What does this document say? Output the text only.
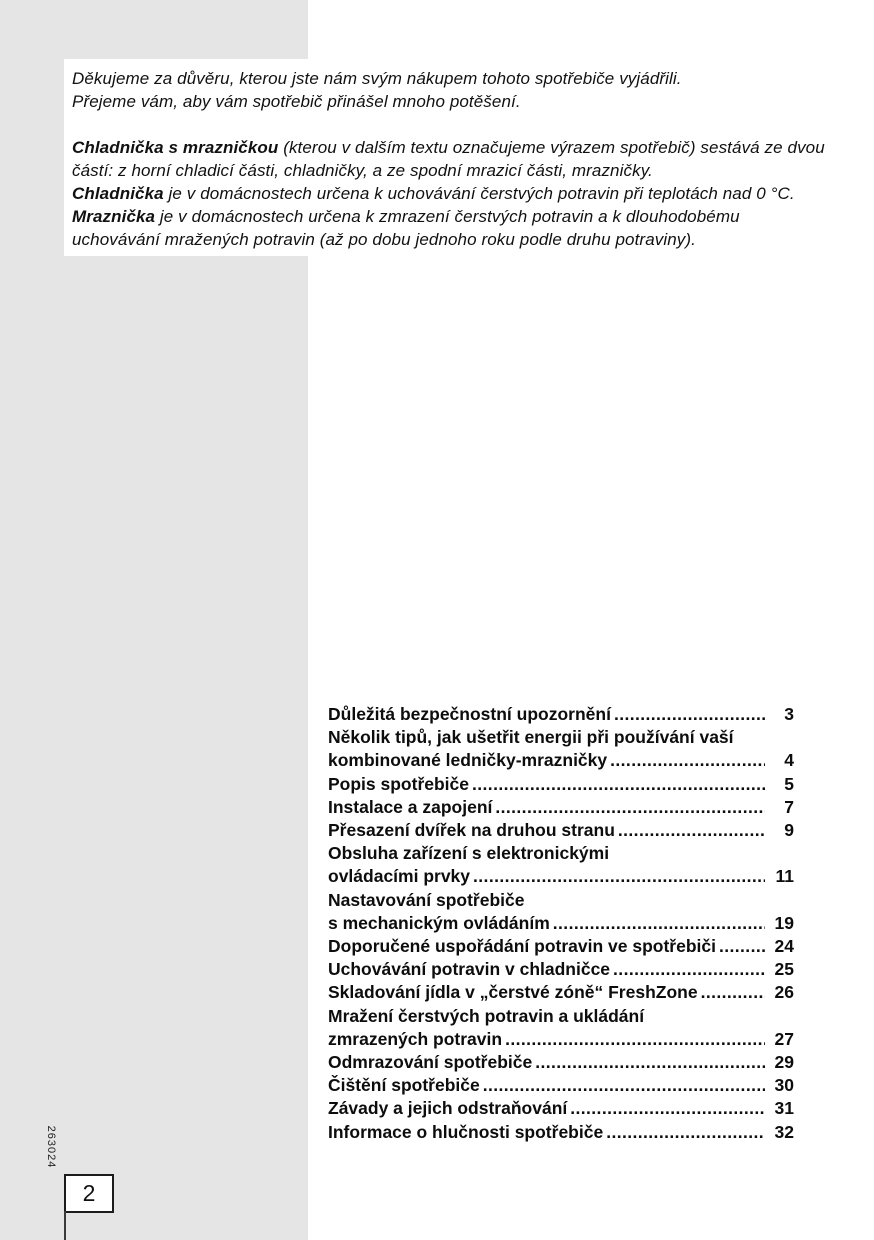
Děkujeme za důvěru, kterou jste nám svým nákupem tohoto spotřebiče vyjádřili.
Přejeme vám, aby vám spotřebič přinášel mnoho potěšení.

Chladnička s mrazničkou (kterou v dalším textu označujeme výrazem spotřebič) sestává ze dvou
částí: z horní chladicí části, chladničky, a ze spodní mrazicí části, mrazničky.

Chladnička je v domácnostech určena k uchovávání čerstvých potravin při teplotách nad 0 °C.

Mraznička je v domácnostech určena k zmrazení čerstvých potravin a k dlouhodobému
uchovávání mražených potravin (až po dobu jednoho roku podle druhu potraviny).

Důležitá bezpečnostní upozornění .....	3
Několik tipů, jak ušetřit energii při používání vaší
kombinované ledničky-mrazničky .....	4
Popis spotřebiče .....	5
Instalace a zapojení .....	7
Přesazení dvířek na druhou stranu .....	9
Obsluha zařízení s elektronickými
ovládacími prvky .....	11
Nastavování spotřebiče
s mechanickým ovládáním .....	19
Doporučené uspořádání potravin ve spotřebiči .....	24
Uchovávání potravin v chladničce .....	25
Skladování jídla v „čerstvé zóně“ FreshZone .....	26
Mražení čerstvých potravin a ukládání
zmrazených potravin .....	27
Odmrazování spotřebiče .....	29
Čištění spotřebiče .....	30
Závady a jejich odstraňování .....	31
Informace o hlučnosti spotřebiče .....	32
263024
2
